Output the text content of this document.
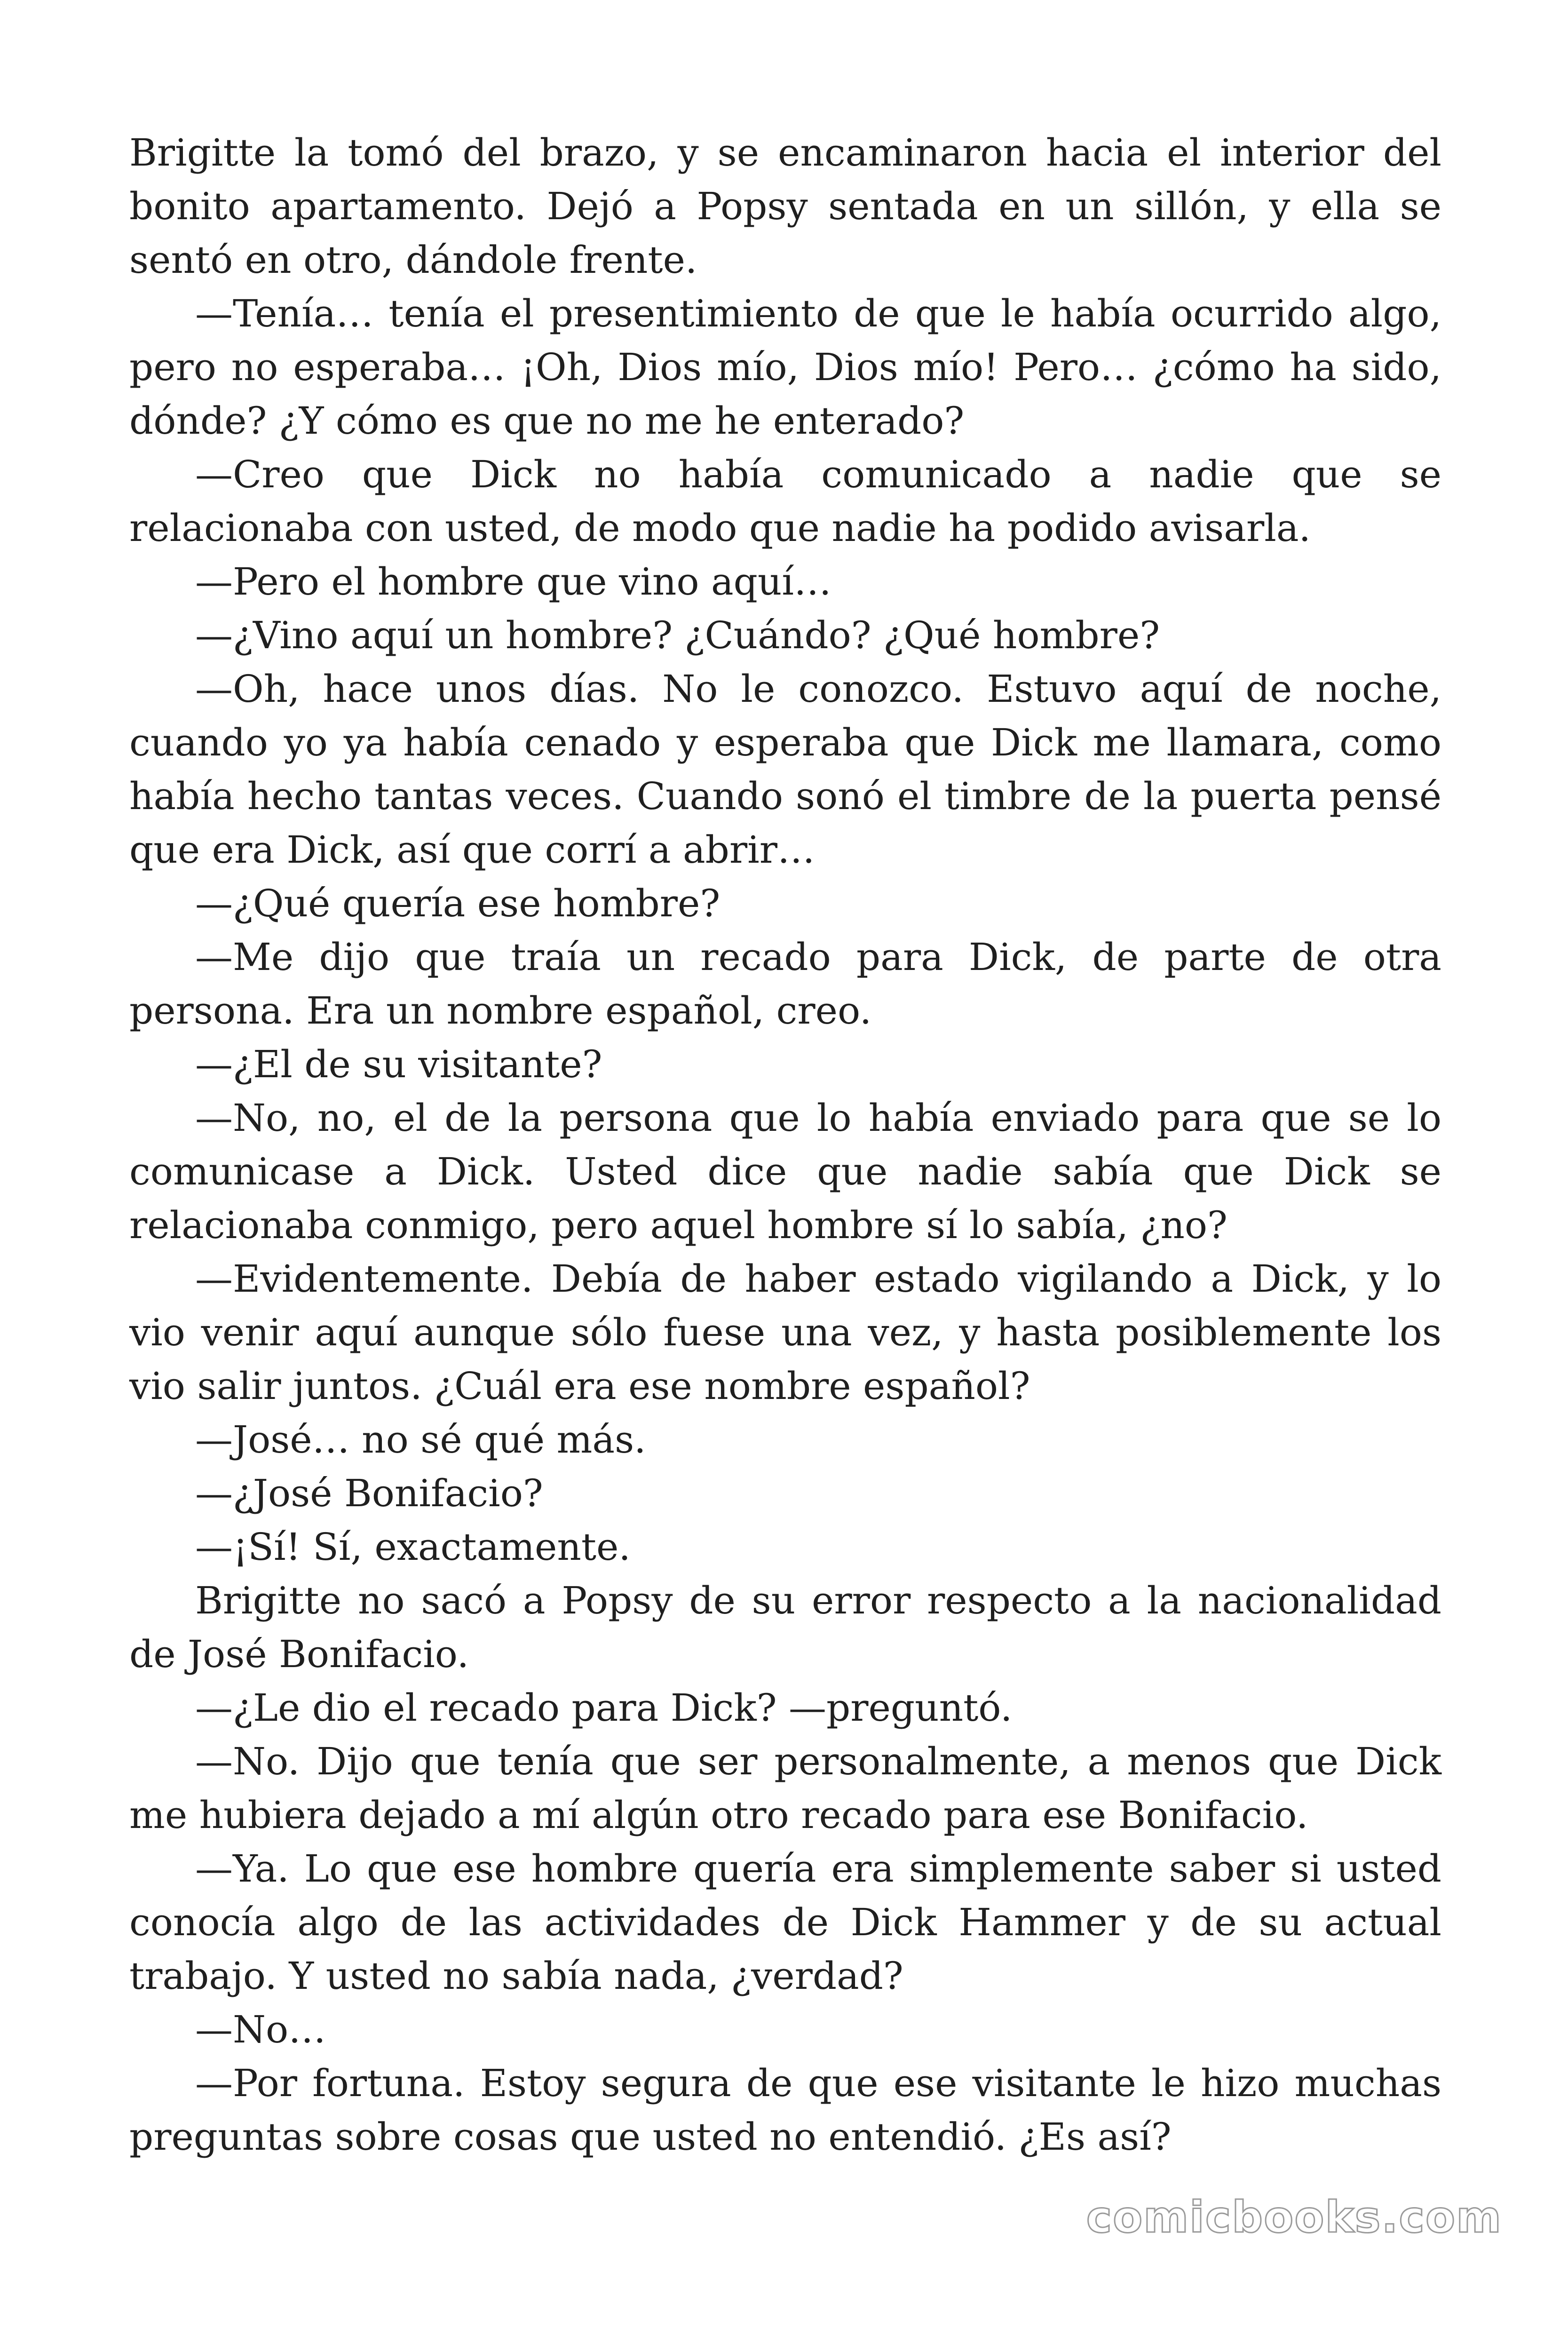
Brigitte la tomó del brazo, y se encaminaron hacia el interior del bonito apartamento. Dejó a Popsy sentada en un sillón, y ella se sentó en otro, dándole frente.

—Tenía… tenía el presentimiento de que le había ocurrido algo, pero no esperaba… ¡Oh, Dios mío, Dios mío! Pero… ¿cómo ha sido, dónde? ¿Y cómo es que no me he enterado?

—Creo que Dick no había comunicado a nadie que se relacionaba con usted, de modo que nadie ha podido avisarla.

—Pero el hombre que vino aquí…

—¿Vino aquí un hombre? ¿Cuándo? ¿Qué hombre?

—Oh, hace unos días. No le conozco. Estuvo aquí de noche, cuando yo ya había cenado y esperaba que Dick me llamara, como había hecho tantas veces. Cuando sonó el timbre de la puerta pensé que era Dick, así que corrí a abrir…

—¿Qué quería ese hombre?

—Me dijo que traía un recado para Dick, de parte de otra persona. Era un nombre español, creo.

—¿El de su visitante?

—No, no, el de la persona que lo había enviado para que se lo comunicase a Dick. Usted dice que nadie sabía que Dick se relacionaba conmigo, pero aquel hombre sí lo sabía, ¿no?

—Evidentemente. Debía de haber estado vigilando a Dick, y lo vio venir aquí aunque sólo fuese una vez, y hasta posiblemente los vio salir juntos. ¿Cuál era ese nombre español?

—José… no sé qué más.

—¿José Bonifacio?

—¡Sí! Sí, exactamente.

Brigitte no sacó a Popsy de su error respecto a la nacionalidad de José Bonifacio.

—¿Le dio el recado para Dick? —preguntó.

—No. Dijo que tenía que ser personalmente, a menos que Dick me hubiera dejado a mí algún otro recado para ese Bonifacio.

—Ya. Lo que ese hombre quería era simplemente saber si usted conocía algo de las actividades de Dick Hammer y de su actual trabajo. Y usted no sabía nada, ¿verdad?

—No…

—Por fortuna. Estoy segura de que ese visitante le hizo muchas preguntas sobre cosas que usted no entendió. ¿Es así?

comicbooks.com
